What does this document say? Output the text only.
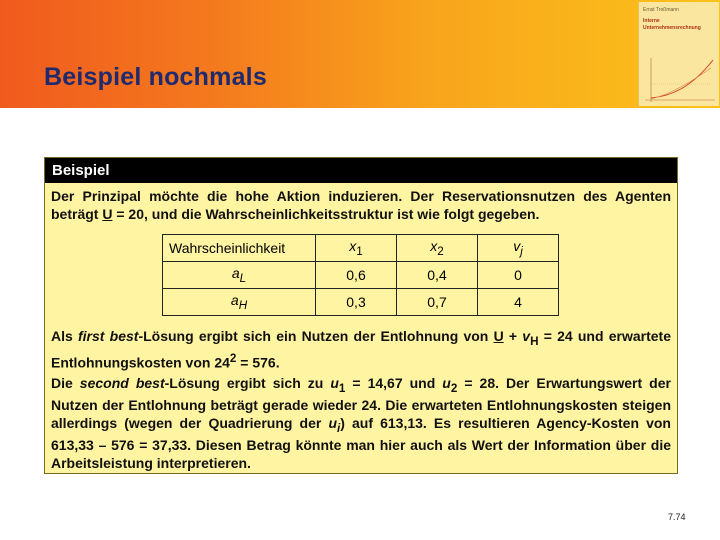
Beispiel nochmals
Ernst Troßmann
Interne
Unternehmensrechnung
Beispiel
Der Prinzipal möchte die hohe Aktion induzieren. Der Reservationsnutzen des Agenten beträgt U = 20, und die Wahrscheinlichkeitsstruktur ist wie folgt gegeben.
Wahrscheinlichkeit	$x_1$	$x_2$	$v_j$
$a_L$	0,6	0,4	0
$a_H$	0,3	0,7	4
Als first best-Lösung ergibt sich ein Nutzen der Entlohnung von $U + v_H = 24$ und erwartete Entlohnungskosten von $24^2 = 576$.
Die second best-Lösung ergibt sich zu $u_1 = 14,67$ und $u_2 = 28$. Der Erwartungswert der Nutzen der Entlohnung beträgt gerade wieder 24. Die erwarteten Entlohnungskosten steigen allerdings (wegen der Quadrierung der $u_i$) auf 613,13. Es resultieren Agency-Kosten von 613,33 – 576 = 37,33. Diesen Betrag könnte man hier auch als Wert der Information über die Arbeitsleistung interpretieren.
7.74
